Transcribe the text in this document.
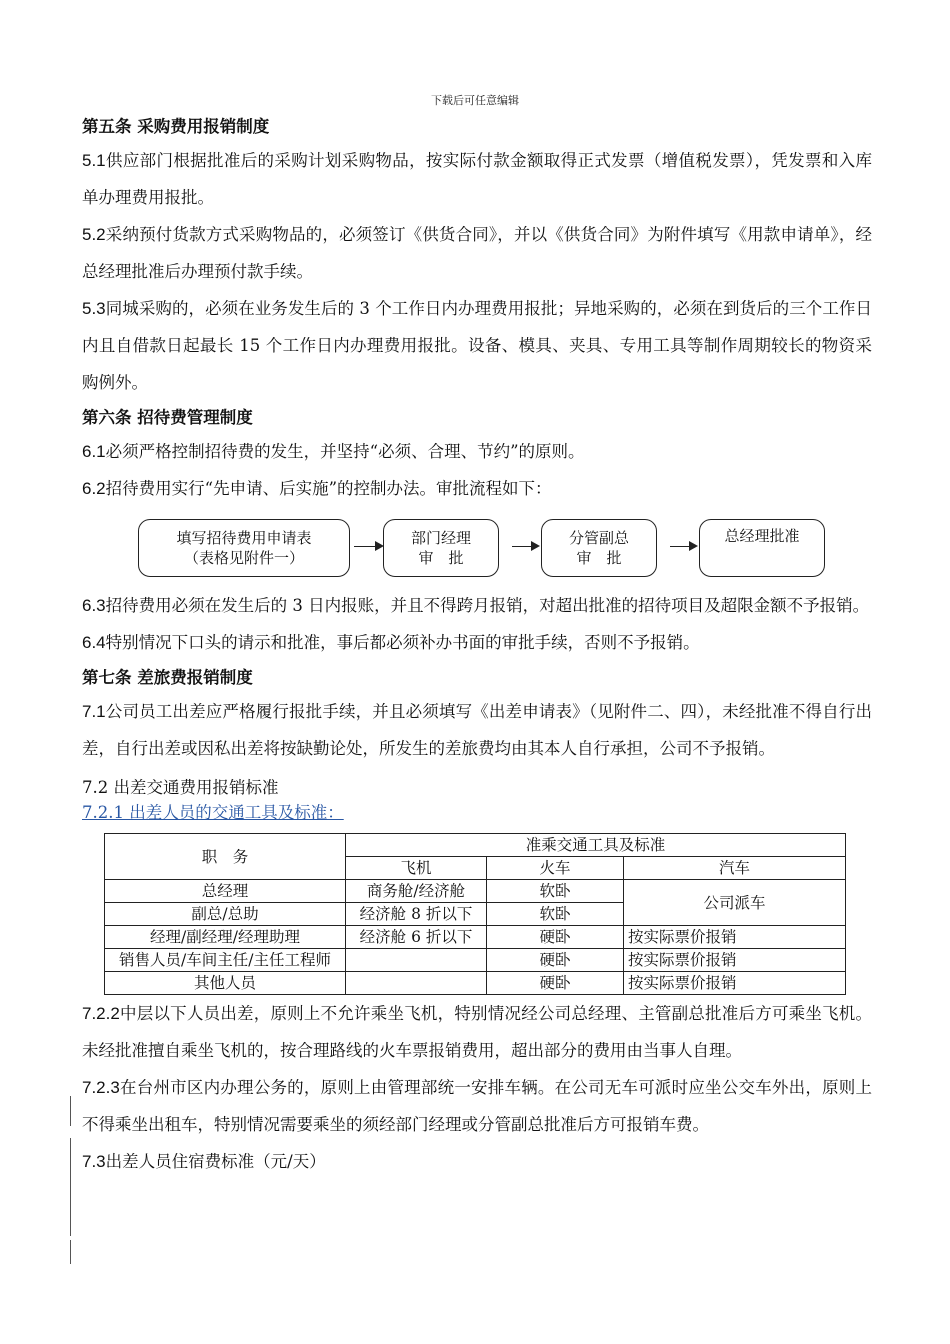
下载后可任意编辑
第五条 采购费用报销制度

5.1供应部门根据批准后的采购计划采购物品，按实际付款金额取得正式发票（增值税发票），凭发票和入库单办理费用报批。

5.2采纳预付货款方式采购物品的，必须签订《供货合同》，并以《供货合同》为附件填写《用款申请单》，经总经理批准后办理预付款手续。

5.3同城采购的，必须在业务发生后的 3 个工作日内办理费用报批；异地采购的，必须在到货后的三个工作日内且自借款日起最长 15 个工作日内办理费用报批。设备、模具、夹具、专用工具等制作周期较长的物资采购例外。

第六条 招待费管理制度

6.1必须严格控制招待费的发生，并坚持“必须、合理、节约”的原则。

6.2招待费用实行“先申请、后实施”的控制办法。审批流程如下：

填写招待费用申请表
（表格见附件一）
部门经理
审　批
分管副总
审　批
总经理批准

6.3招待费用必须在发生后的 3 日内报账，并且不得跨月报销，对超出批准的招待项目及超限金额不予报销。

6.4特别情况下口头的请示和批准，事后都必须补办书面的审批手续，否则不予报销。

第七条 差旅费报销制度

7.1公司员工出差应严格履行报批手续，并且必须填写《出差申请表》（见附件二、四），未经批准不得自行出差，自行出差或因私出差将按缺勤论处，所发生的差旅费均由其本人自行承担，公司不予报销。

7.2 出差交通费用报销标准

7.2.1 出差人员的交通工具及标准：

职　务	准乘交通工具及标准		
	飞机	火车	汽车
总经理	商务舱/经济舱	软卧	公司派车
副总/总助	经济舱 8 折以下	软卧	
经理/副经理/经理助理	经济舱 6 折以下	硬卧	按实际票价报销
销售人员/车间主任/主任工程师		硬卧	按实际票价报销
其他人员		硬卧	按实际票价报销

7.2.2中层以下人员出差，原则上不允许乘坐飞机，特别情况经公司总经理、主管副总批准后方可乘坐飞机。未经批准擅自乘坐飞机的，按合理路线的火车票报销费用，超出部分的费用由当事人自理。

7.2.3在台州市区内办理公务的，原则上由管理部统一安排车辆。在公司无车可派时应坐公交车外出，原则上不得乘坐出租车，特别情况需要乘坐的须经部门经理或分管副总批准后方可报销车费。

7.3出差人员住宿费标准（元/天）
